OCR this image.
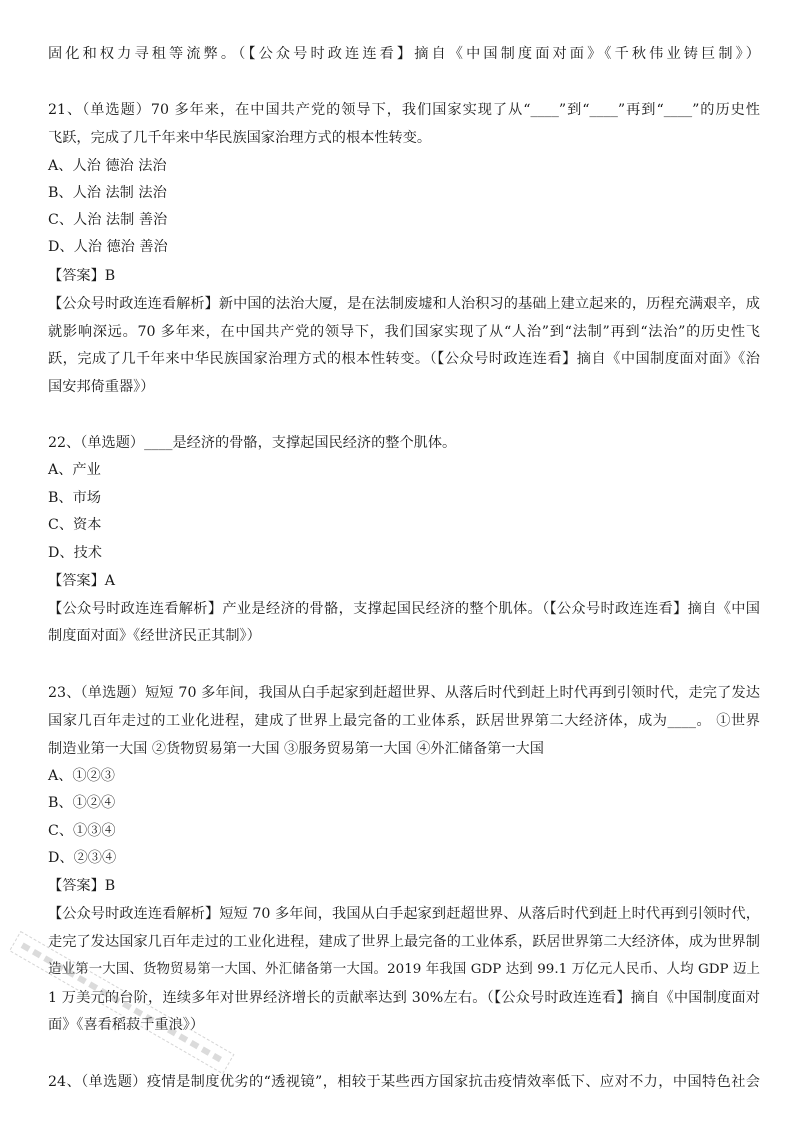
固化和权力寻租等流弊。（【公众号时政连连看】摘自《中国制度面对面》《千秋伟业铸巨制》）
21、（单选题）70 多年来，在中国共产党的领导下，我们国家实现了从“____”到“____”再到“____”的历史性
飞跃，完成了几千年来中华民族国家治理方式的根本性转变。
A、人治 德治 法治
B、人治 法制 法治
C、人治 法制 善治
D、人治 德治 善治
【答案】B
【公众号时政连连看解析】新中国的法治大厦，是在法制废墟和人治积习的基础上建立起来的，历程充满艰辛，成
就影响深远。70 多年来，在中国共产党的领导下，我们国家实现了从“人治”到“法制”再到“法治”的历史性飞
跃，完成了几千年来中华民族国家治理方式的根本性转变。（【公众号时政连连看】摘自《中国制度面对面》《治
国安邦倚重器》）
22、（单选题）____是经济的骨骼，支撑起国民经济的整个肌体。
A、产业
B、市场
C、资本
D、技术
【答案】A
【公众号时政连连看解析】产业是经济的骨骼，支撑起国民经济的整个肌体。（【公众号时政连连看】摘自《中国
制度面对面》《经世济民正其制》）
23、（单选题）短短 70 多年间，我国从白手起家到赶超世界、从落后时代到赶上时代再到引领时代，走完了发达
国家几百年走过的工业化进程，建成了世界上最完备的工业体系，跃居世界第二大经济体，成为____。 ①世界
制造业第一大国 ②货物贸易第一大国 ③服务贸易第一大国 ④外汇储备第一大国
A、①②③
B、①②④
C、①③④
D、②③④
【答案】B
【公众号时政连连看解析】短短 70 多年间，我国从白手起家到赶超世界、从落后时代到赶上时代再到引领时代，
走完了发达国家几百年走过的工业化进程，建成了世界上最完备的工业体系，跃居世界第二大经济体，成为世界制
造业第一大国、货物贸易第一大国、外汇储备第一大国。2019 年我国 GDP 达到 99.1 万亿元人民币、人均 GDP 迈上
1 万美元的台阶，连续多年对世界经济增长的贡献率达到 30%左右。（【公众号时政连连看】摘自《中国制度面对
面》《喜看稻菽千重浪》）
24、（单选题）疫情是制度优劣的“透视镜”，相较于某些西方国家抗击疫情效率低下、应对不力，中国特色社会
